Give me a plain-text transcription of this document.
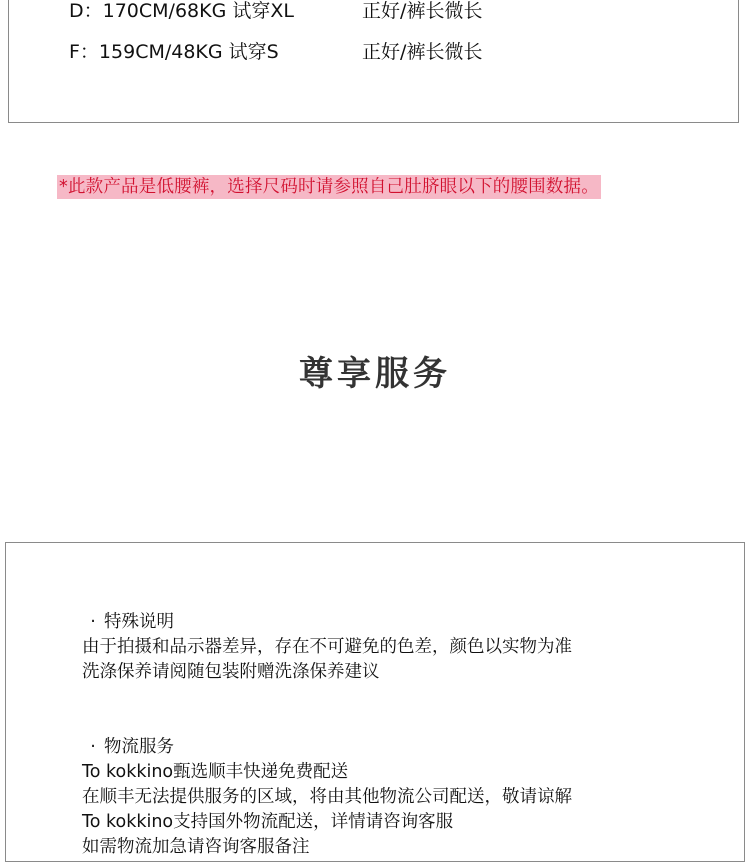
D：170CM/68KG 试穿XL	正好/裤长微长
F：159CM/48KG 试穿S	正好/裤长微长
*此款产品是低腰裤，选择尺码时请参照自己肚脐眼以下的腰围数据。
尊享服务
· 特殊说明
由于拍摄和品示器差异，存在不可避免的色差，颜色以实物为准
洗涤保养请阅随包装附赠洗涤保养建议
· 物流服务
To kokkino甄选顺丰快递免费配送
在顺丰无法提供服务的区域，将由其他物流公司配送，敬请谅解
To kokkino支持国外物流配送，详情请咨询客服
如需物流加急请咨询客服备注
